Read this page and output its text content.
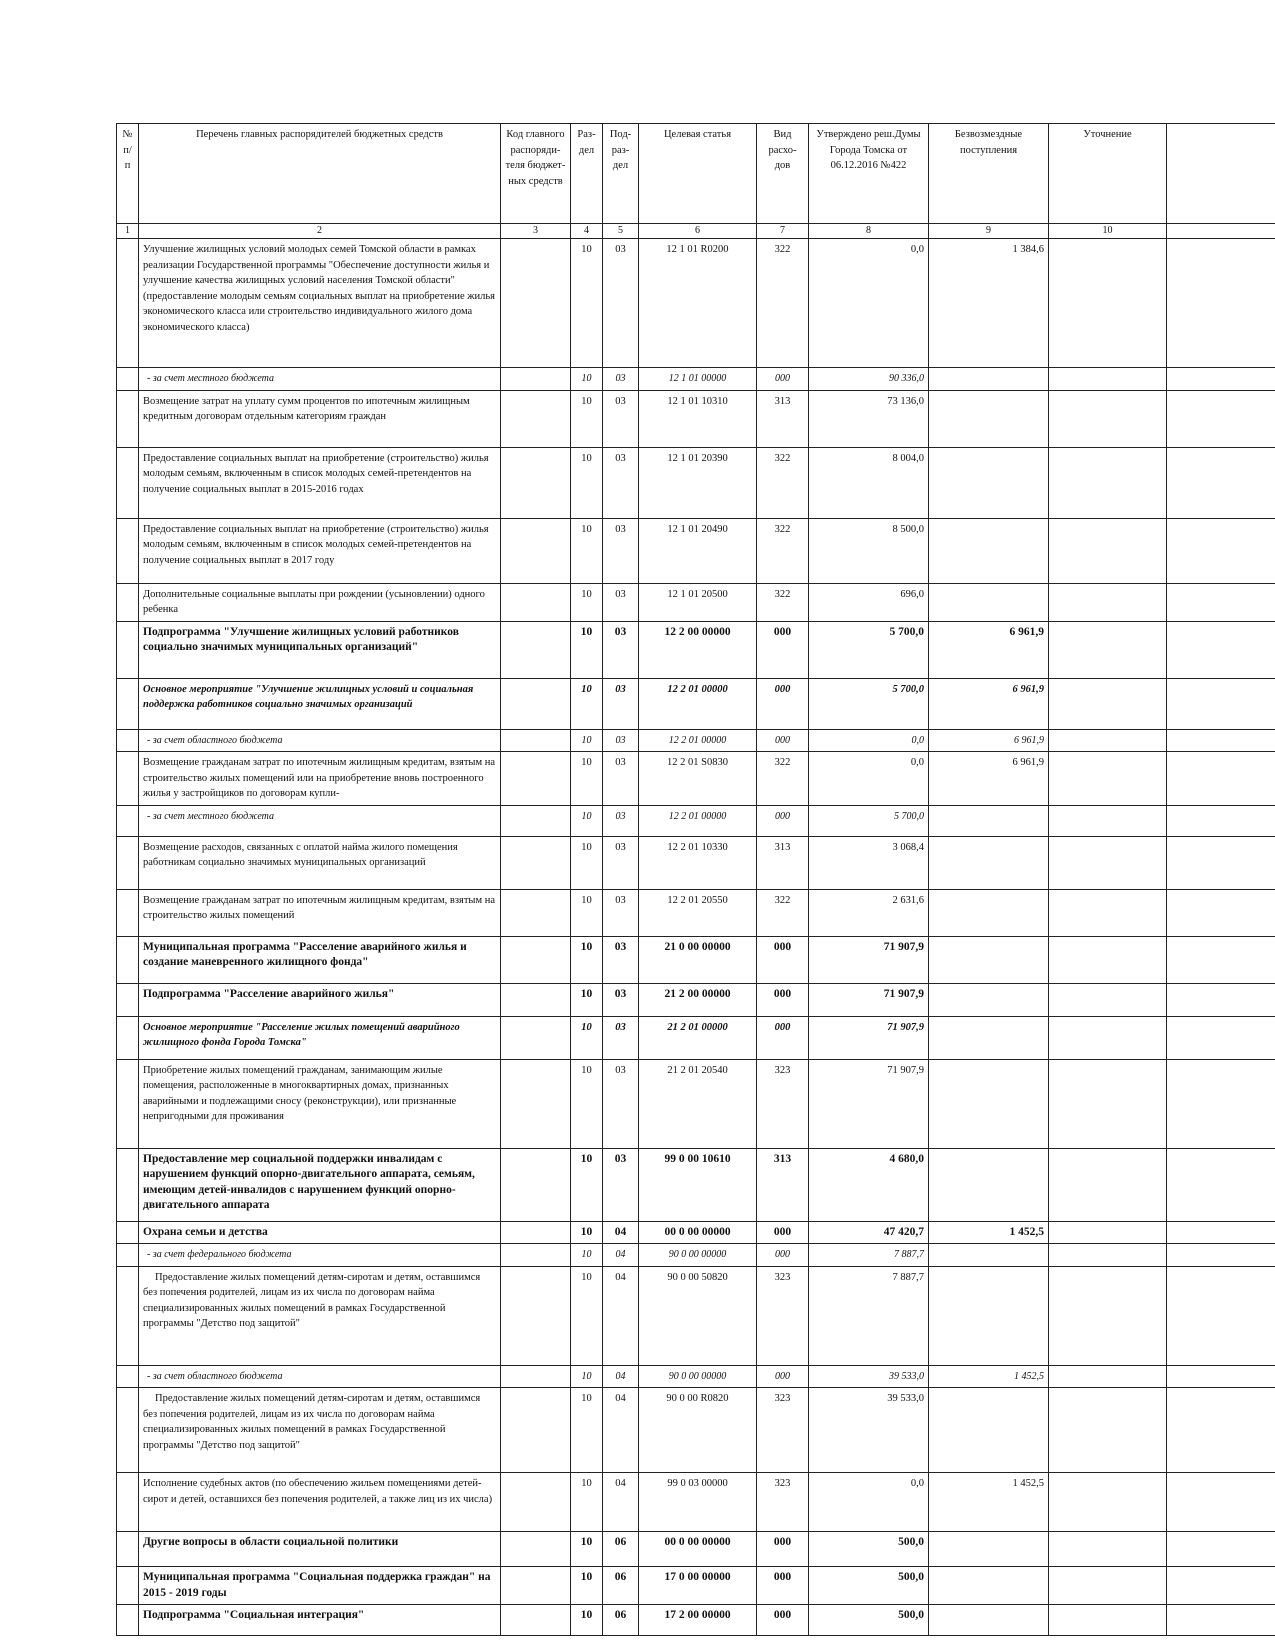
№ п/п	Перечень главных распорядителей бюджетных средств	Код главного распоряди-теля бюджет-ных средств	Раз-дел	Под-раз-дел	Целевая статья	Вид расхо-дов	Утверждено реш.Думы Города Томска от 06.12.2016 №422	Безвозмездные поступления	Уточнение	
1	2	3	4	5	6	7	8	9	10	
	Улучшение жилищных условий молодых семей Томской области в рамках реализации Государственной программы "Обеспечение доступности жилья и улучшение качества жилищных условий населения Томской области" (предоставление молодым семьям социальных выплат на приобретение жилья экономического класса или строительство индивидуального жилого дома экономического класса)		10	03	12 1 01 R0200	322	0,0	1 384,6		
	- за счет местного бюджета		10	03	12 1 01 00000	000	90 336,0			
	Возмещение затрат на уплату сумм процентов по ипотечным жилищным кредитным договорам отдельным категориям граждан		10	03	12 1 01 10310	313	73 136,0			
	Предоставление социальных выплат на приобретение (строительство) жилья молодым семьям, включенным в список молодых семей-претендентов на получение социальных выплат в 2015-2016 годах		10	03	12 1 01 20390	322	8 004,0			
	Предоставление социальных выплат на приобретение (строительство) жилья молодым семьям, включенным в список молодых семей-претендентов на получение социальных выплат в 2017 году		10	03	12 1 01 20490	322	8 500,0			
	Дополнительные социальные выплаты при рождении (усыновлении) одного ребенка		10	03	12 1 01 20500	322	696,0			
	Подпрограмма "Улучшение жилищных условий работников социально значимых муниципальных организаций"		10	03	12 2 00 00000	000	5 700,0	6 961,9		
	Основное мероприятие "Улучшение жилищных условий и социальная поддержка работников социально значимых организаций		10	03	12 2 01 00000	000	5 700,0	6 961,9		
	- за счет областного бюджета		10	03	12 2 01 00000	000	0,0	6 961,9		
	Возмещение гражданам затрат по ипотечным жилищным кредитам, взятым на строительство жилых помещений или на приобретение вновь построенного жилья у застройщиков по договорам купли-		10	03	12 2 01 S0830	322	0,0	6 961,9		
	- за счет местного бюджета		10	03	12 2 01 00000	000	5 700,0			
	Возмещение расходов, связанных с оплатой найма жилого помещения работникам социально значимых муниципальных организаций		10	03	12 2 01 10330	313	3 068,4			
	Возмещение гражданам затрат по ипотечным жилищным кредитам, взятым на строительство жилых помещений		10	03	12 2 01 20550	322	2 631,6			
	Муниципальная программа "Расселение аварийного жилья и создание маневренного жилищного фонда"		10	03	21 0 00 00000	000	71 907,9			
	Подпрограмма "Расселение аварийного жилья"		10	03	21 2 00 00000	000	71 907,9			
	Основное мероприятие "Расселение жилых помещений аварийного жилищного фонда Города Томска"		10	03	21 2 01 00000	000	71 907,9			
	Приобретение жилых помещений гражданам, занимающим жилые помещения, расположенные в многоквартирных домах, признанных аварийными и подлежащими сносу (реконструкции), или признанные непригодными для проживания		10	03	21 2 01 20540	323	71 907,9			
	Предоставление мер социальной поддержки инвалидам с нарушением функций опорно-двигательного аппарата, семьям, имеющим детей-инвалидов с нарушением функций опорно-двигательного аппарата		10	03	99 0 00 10610	313	4 680,0			
	Охрана семьи и детства		10	04	00 0 00 00000	000	47 420,7	1 452,5		
	- за счет федерального бюджета		10	04	90 0 00 00000	000	7 887,7			
	Предоставление жилых помещений детям-сиротам и детям, оставшимся без попечения родителей, лицам из их числа по договорам найма специализированных жилых помещений в рамках Государственной программы "Детство под защитой"		10	04	90 0 00 50820	323	7 887,7			
	- за счет областного бюджета		10	04	90 0 00 00000	000	39 533,0	1 452,5		
	Предоставление жилых помещений детям-сиротам и детям, оставшимся без попечения родителей, лицам из их числа по договорам найма специализированных жилых помещений в рамках Государственной программы "Детство под защитой"		10	04	90 0 00 R0820	323	39 533,0			
	Исполнение судебных актов (по обеспечению жильем помещениями детей-сирот и детей, оставшихся без попечения родителей, а также лиц из их числа)		10	04	99 0 03 00000	323	0,0	1 452,5		
	Другие вопросы в области социальной политики		10	06	00 0 00 00000	000	500,0			
	Муниципальная программа "Социальная поддержка граждан" на 2015 - 2019 годы		10	06	17 0 00 00000	000	500,0			
	Подпрограмма "Социальная интеграция"		10	06	17 2 00 00000	000	500,0			
